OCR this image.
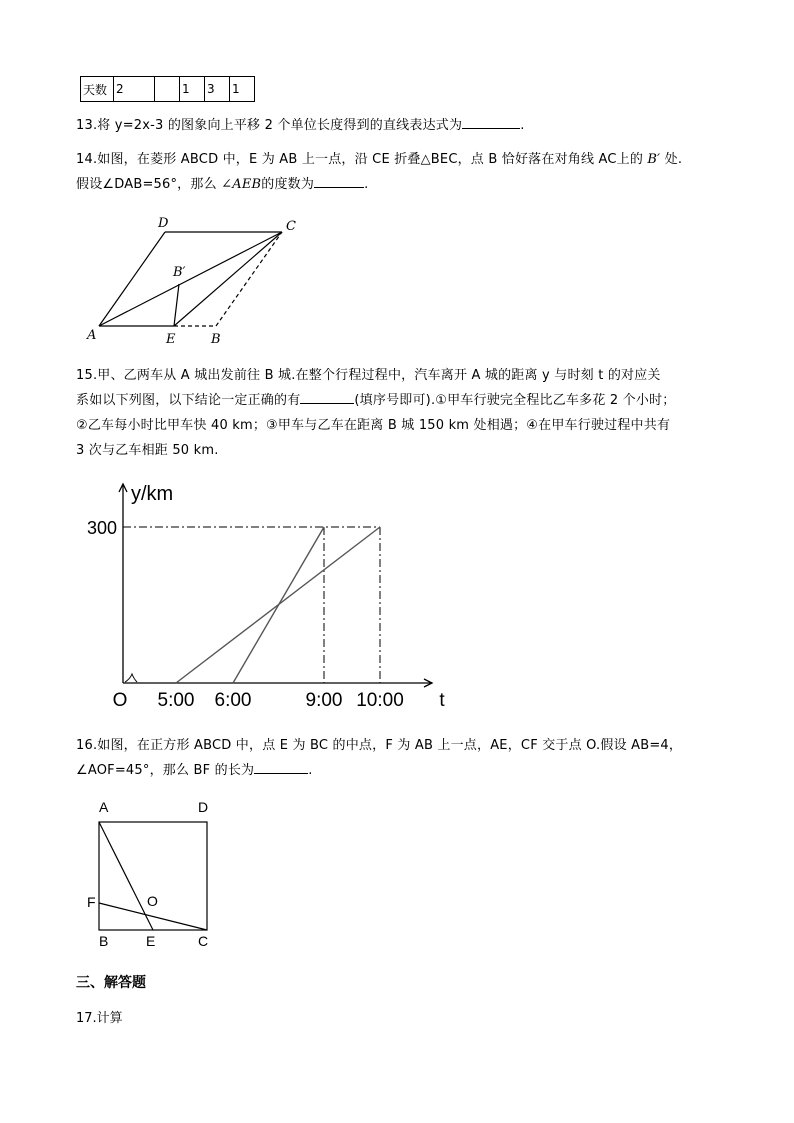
天数	2		1	3	1
13.将 y=2x-3 的图象向上平移 2 个单位长度得到的直线表达式为	.
14.如图，在菱形 ABCD 中，E 为 AB 上一点，沿 CE 折叠△BEC，点 B 恰好落在对角线 AC上的 B′ 处.
假设∠DAB=56°，那么 ∠AEB的度数为	.
A	B
C
D
E
B′
15.甲、乙两车从 A 城出发前往 B 城.在整个行程过程中，汽车离开 A 城的距离 y 与时刻 t 的对应关
系如以下列图，以下结论一定正确的有	(填序号即可).①甲车行驶完全程比乙车多花 2 个小时；
②乙车每小时比甲车快 40 km；③甲车与乙车在距离 B 城 150 km 处相遇；④在甲车行驶过程中共有
3 次与乙车相距 50 km.
y/km
300
O 5:00 6:00	9:00 10:00 t
16.如图，在正方形 ABCD 中，点 E 为 BC 的中点，F 为 AB 上一点，AE，CF 交于点 O.假设 AB=4，
∠AOF=45°，那么 BF 的长为	.
A	D
B	E	C
F	O
三、解答题
17.计算
